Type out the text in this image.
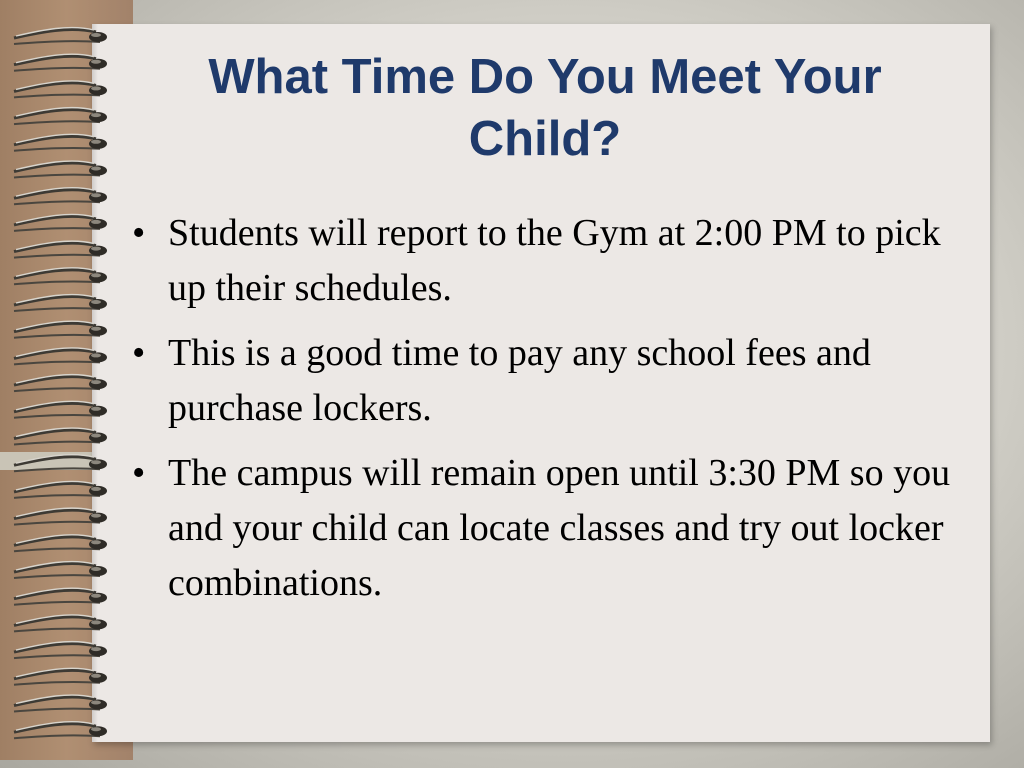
What Time Do You Meet Your Child?
• Students will report to the Gym at 2:00 PM to pick up their schedules.
• This is a good time to pay any school fees and purchase lockers.
• The campus will remain open until 3:30 PM so you and your child can locate classes and try out locker combinations.
